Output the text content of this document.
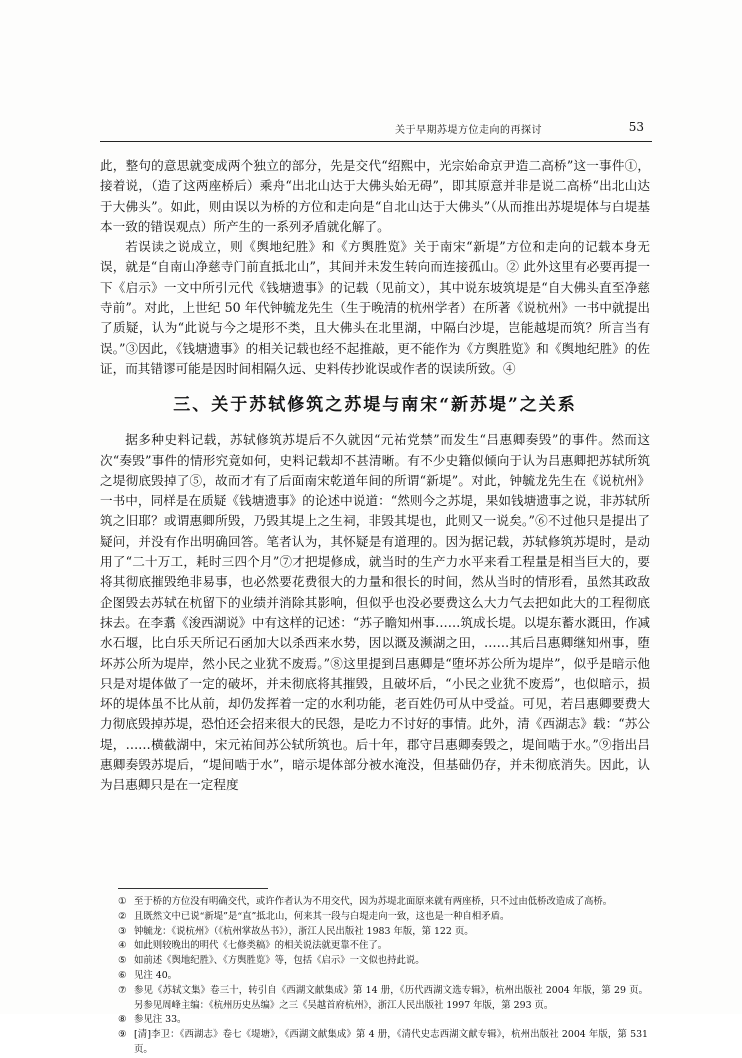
关于早期苏堤方位走向的再探讨	53

此，整句的意思就变成两个独立的部分，先是交代“绍熙中，光宗始命京尹造二高桥”这一事件①，接着说，（造了这两座桥后）乘舟“出北山达于大佛头始无碍”，即其原意并非是说二高桥“出北山达于大佛头”。如此，则由误以为桥的方位和走向是“自北山达于大佛头”（从而推出苏堤堤体与白堤基本一致的错误观点）所产生的一系列矛盾就化解了。

若误读之说成立，则《舆地纪胜》和《方舆胜览》关于南宋“新堤”方位和走向的记载本身无误，就是“自南山净慈寺门前直抵北山”，其间并未发生转向而连接孤山。② 此外这里有必要再提一下《启示》一文中所引元代《钱塘遗事》的记载（见前文），其中说东坡筑堤是“自大佛头直至净慈寺前”。对此，上世纪 50 年代钟毓龙先生（生于晚清的杭州学者）在所著《说杭州》一书中就提出了质疑，认为“此说与今之堤形不类，且大佛头在北里湖，中隔白沙堤，岂能越堤而筑？所言当有误。”③因此，《钱塘遗事》的相关记载也经不起推敲，更不能作为《方舆胜览》和《舆地纪胜》的佐证，而其错谬可能是因时间相隔久远、史料传抄讹误或作者的误读所致。④

三、关于苏轼修筑之苏堤与南宋“新苏堤”之关系

据多种史料记载，苏轼修筑苏堤后不久就因“元祐党禁”而发生“吕惠卿奏毁”的事件。然而这次“奏毁”事件的情形究竟如何，史料记载却不甚清晰。有不少史籍似倾向于认为吕惠卿把苏轼所筑之堤彻底毁掉了⑤，故而才有了后面南宋乾道年间的所谓“新堤”。对此，钟毓龙先生在《说杭州》一书中，同样是在质疑《钱塘遗事》的论述中说道：“然则今之苏堤，果如钱塘遗事之说，非苏轼所筑之旧耶？或谓惠卿所毁，乃毁其堤上之生祠，非毁其堤也，此则又一说矣。”⑥不过他只是提出了疑问，并没有作出明确回答。笔者认为，其怀疑是有道理的。因为据记载，苏轼修筑苏堤时，是动用了“二十万工，耗时三四个月”⑦才把堤修成，就当时的生产力水平来看工程量是相当巨大的，要将其彻底摧毁绝非易事，也必然要花费很大的力量和很长的时间，然从当时的情形看，虽然其政敌企图毁去苏轼在杭留下的业绩并消除其影响，但似乎也没必要费这么大力气去把如此大的工程彻底抹去。在李翥《浚西湖说》中有这样的记述：“苏子瞻知州事……筑成长堤。以堤东蓄水溉田，作减水石堰，比白乐天所记石函加大以杀西来水势，因以溉及濒湖之田，……其后吕惠卿继知州事，堕坏苏公所为堤岸，然小民之业犹不废焉。”⑧这里提到吕惠卿是“堕坏苏公所为堤岸”，似乎是暗示他只是对堤体做了一定的破坏，并未彻底将其摧毁，且破坏后，“小民之业犹不废焉”，也似暗示，损坏的堤体虽不比从前，却仍发挥着一定的水利功能，老百姓仍可从中受益。可见，若吕惠卿要费大力彻底毁掉苏堤，恐怕还会招来很大的民怨，是吃力不讨好的事情。此外，清《西湖志》载：“苏公堤，……横截湖中，宋元祐间苏公轼所筑也。后十年，郡守吕惠卿奏毁之，堤间啮于水。”⑨指出吕惠卿奏毁苏堤后，“堤间啮于水”，暗示堤体部分被水淹没，但基础仍存，并未彻底消失。因此，认为吕惠卿只是在一定程度

① 至于桥的方位没有明确交代，或许作者认为不用交代，因为苏堤北面原来就有两座桥，只不过由低桥改造成了高桥。
② 且既然文中已说“新堤”是“直”抵北山，何来其一段与白堤走向一致，这也是一种自相矛盾。
③ 钟毓龙：《说杭州》（《杭州掌故丛书》），浙江人民出版社 1983 年版，第 122 页。
④ 如此则较晚出的明代《七修类稿》的相关说法就更靠不住了。
⑤ 如前述《舆地纪胜》、《方舆胜览》等，包括《启示》一文似也持此说。
⑥ 见注 40。
⑦ 参见《苏轼文集》卷三十，转引自《西湖文献集成》第 14 册，《历代西湖文选专辑》，杭州出版社 2004 年版，第 29 页。另参见周峰主编：《杭州历史丛编》之三《吴越首府杭州》，浙江人民出版社 1997 年版，第 293 页。
⑧ 参见注 33。
⑨ [清]李卫：《西湖志》卷七《堤塘》，《西湖文献集成》第 4 册，《清代史志西湖文献专辑》，杭州出版社 2004 年版，第 531 页。
